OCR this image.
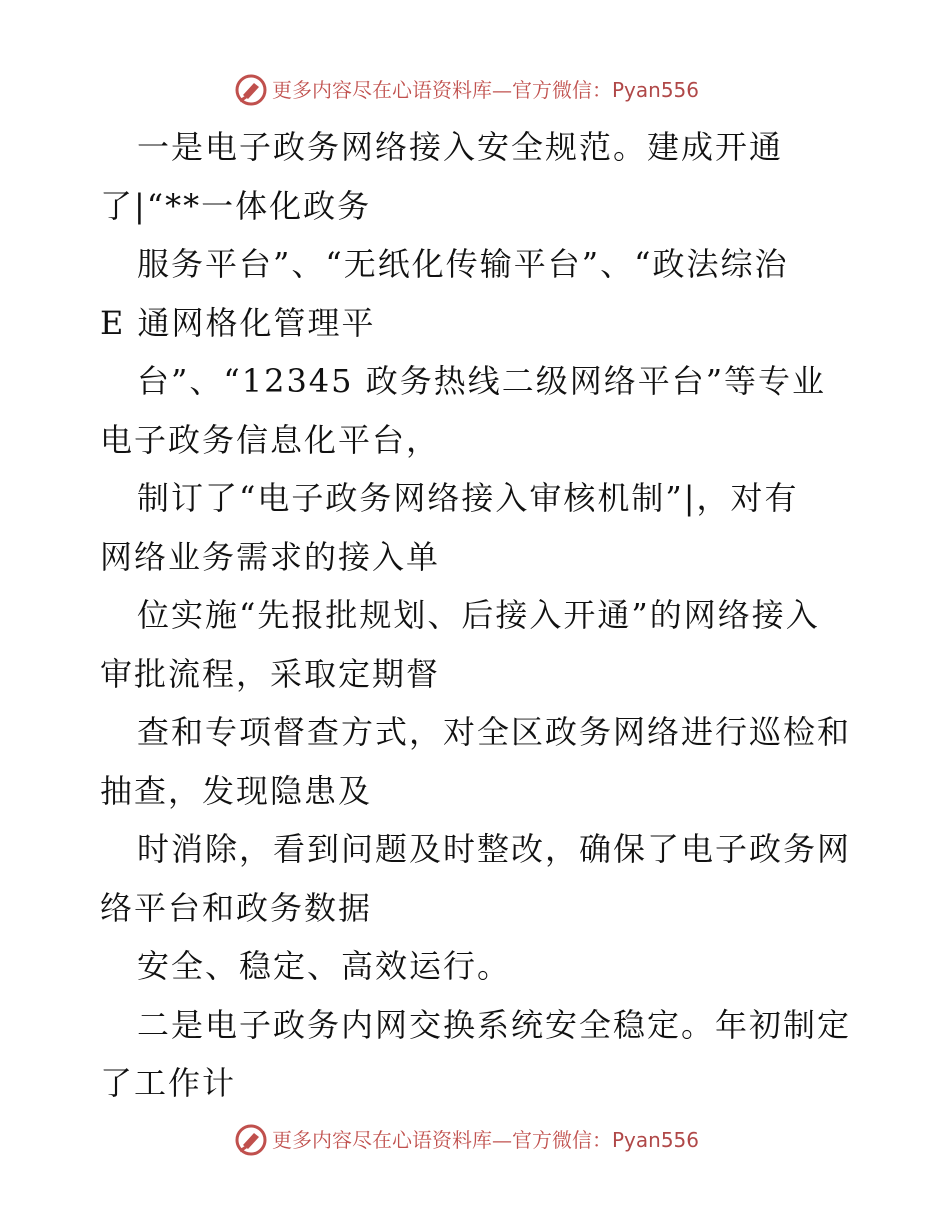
更多内容尽在心语资料库—官方微信：Pyan556
一是电子政务网络接入安全规范。建成开通
了|“**一体化政务
服务平台”、“无纸化传输平台”、“政法综治
E 通网格化管理平
台”、“12345 政务热线二级网络平台”等专业
电子政务信息化平台，
制订了“电子政务网络接入审核机制”|，对有
网络业务需求的接入单
位实施“先报批规划、后接入开通”的网络接入
审批流程，采取定期督
查和专项督查方式，对全区政务网络进行巡检和
抽查，发现隐患及
时消除，看到问题及时整改，确保了电子政务网
络平台和政务数据
安全、稳定、高效运行。
二是电子政务内网交换系统安全稳定。年初制定
了工作计
更多内容尽在心语资料库—官方微信：Pyan556
